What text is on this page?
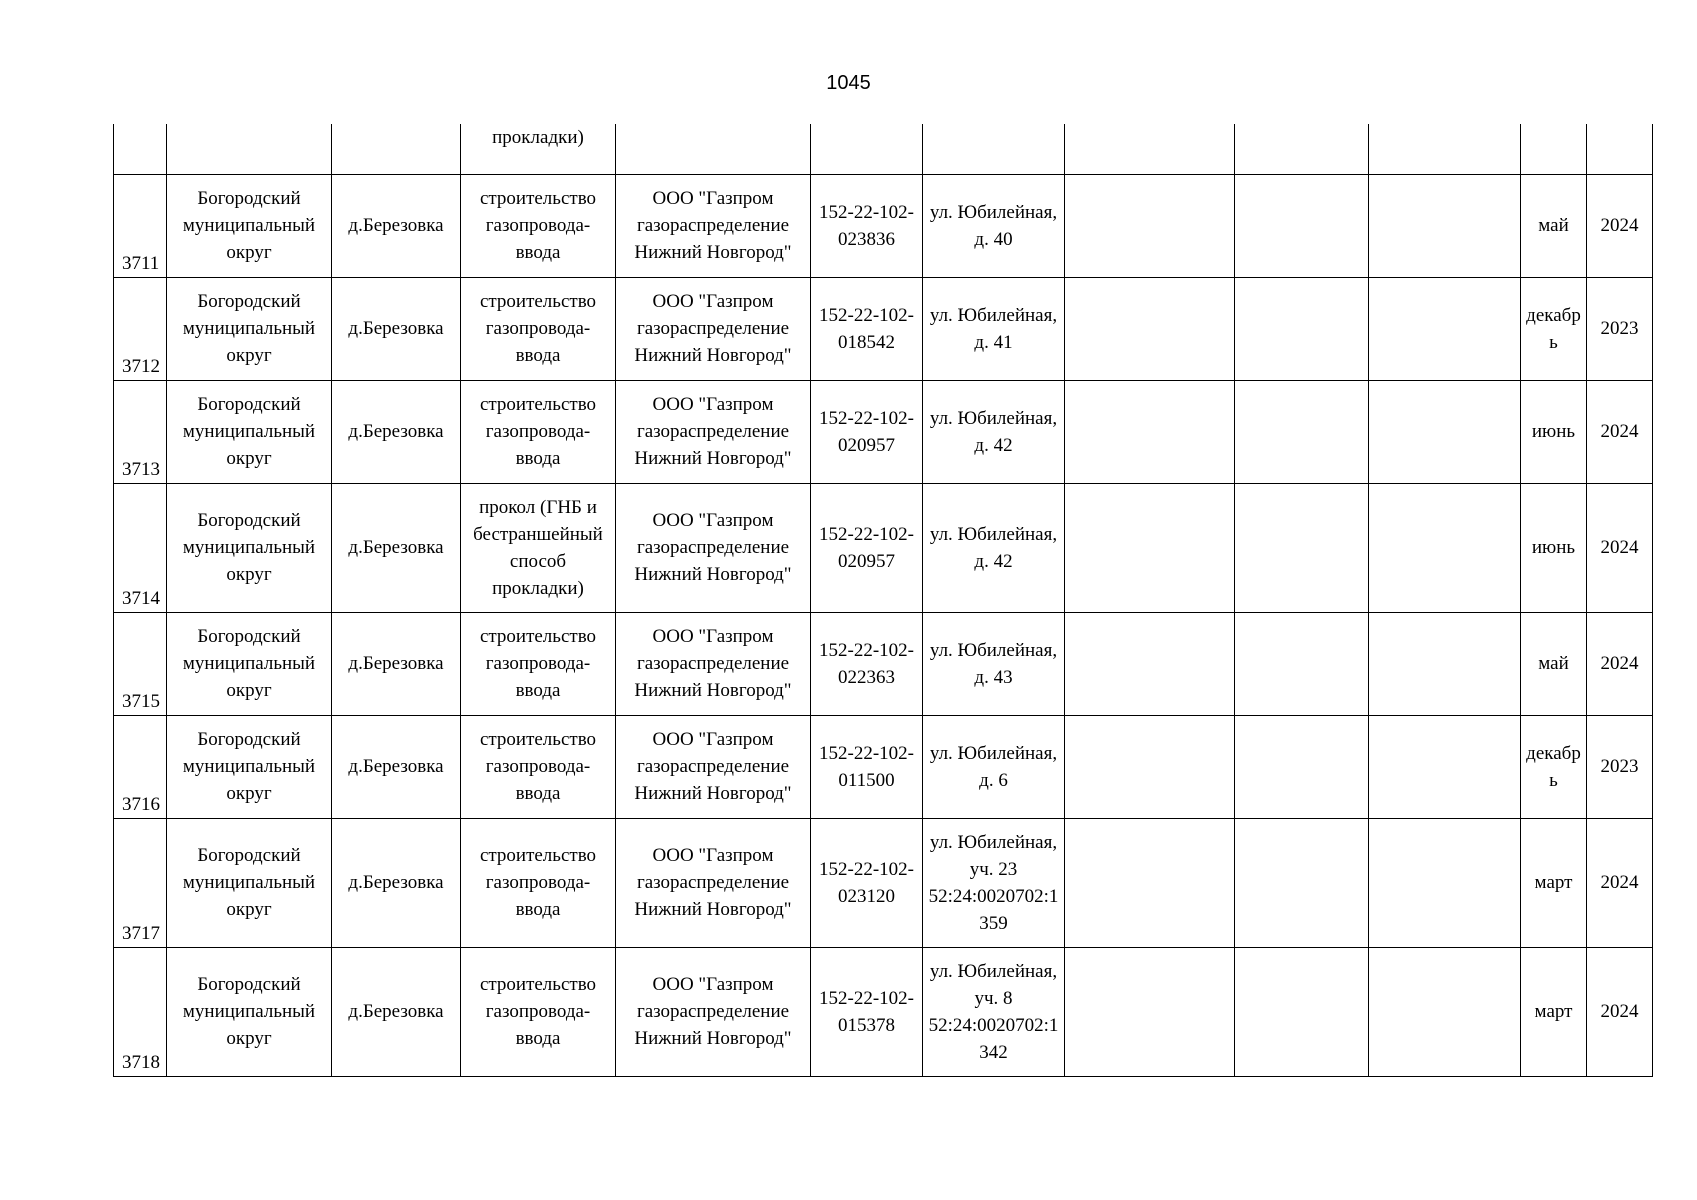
1045
			прокладки)								
3711	Богородский
муниципальный
округ	д.Березовка	строительство
газопровода-
ввода	ООО "Газпром
газораспределение
Нижний Новгород"	152-22-102-
023836	ул. Юбилейная,
д. 40				май	2024
3712	Богородский
муниципальный
округ	д.Березовка	строительство
газопровода-
ввода	ООО "Газпром
газораспределение
Нижний Новгород"	152-22-102-
018542	ул. Юбилейная,
д. 41				декабр
ь	2023
3713	Богородский
муниципальный
округ	д.Березовка	строительство
газопровода-
ввода	ООО "Газпром
газораспределение
Нижний Новгород"	152-22-102-
020957	ул. Юбилейная,
д. 42				июнь	2024
3714	Богородский
муниципальный
округ	д.Березовка	прокол (ГНБ и
бестраншейный
способ
прокладки)	ООО "Газпром
газораспределение
Нижний Новгород"	152-22-102-
020957	ул. Юбилейная,
д. 42				июнь	2024
3715	Богородский
муниципальный
округ	д.Березовка	строительство
газопровода-
ввода	ООО "Газпром
газораспределение
Нижний Новгород"	152-22-102-
022363	ул. Юбилейная,
д. 43				май	2024
3716	Богородский
муниципальный
округ	д.Березовка	строительство
газопровода-
ввода	ООО "Газпром
газораспределение
Нижний Новгород"	152-22-102-
011500	ул. Юбилейная,
д. 6				декабр
ь	2023
3717	Богородский
муниципальный
округ	д.Березовка	строительство
газопровода-
ввода	ООО "Газпром
газораспределение
Нижний Новгород"	152-22-102-
023120	ул. Юбилейная,
уч. 23
52:24:0020702:1
359				март	2024
3718	Богородский
муниципальный
округ	д.Березовка	строительство
газопровода-
ввода	ООО "Газпром
газораспределение
Нижний Новгород"	152-22-102-
015378	ул. Юбилейная,
уч. 8
52:24:0020702:1
342				март	2024
